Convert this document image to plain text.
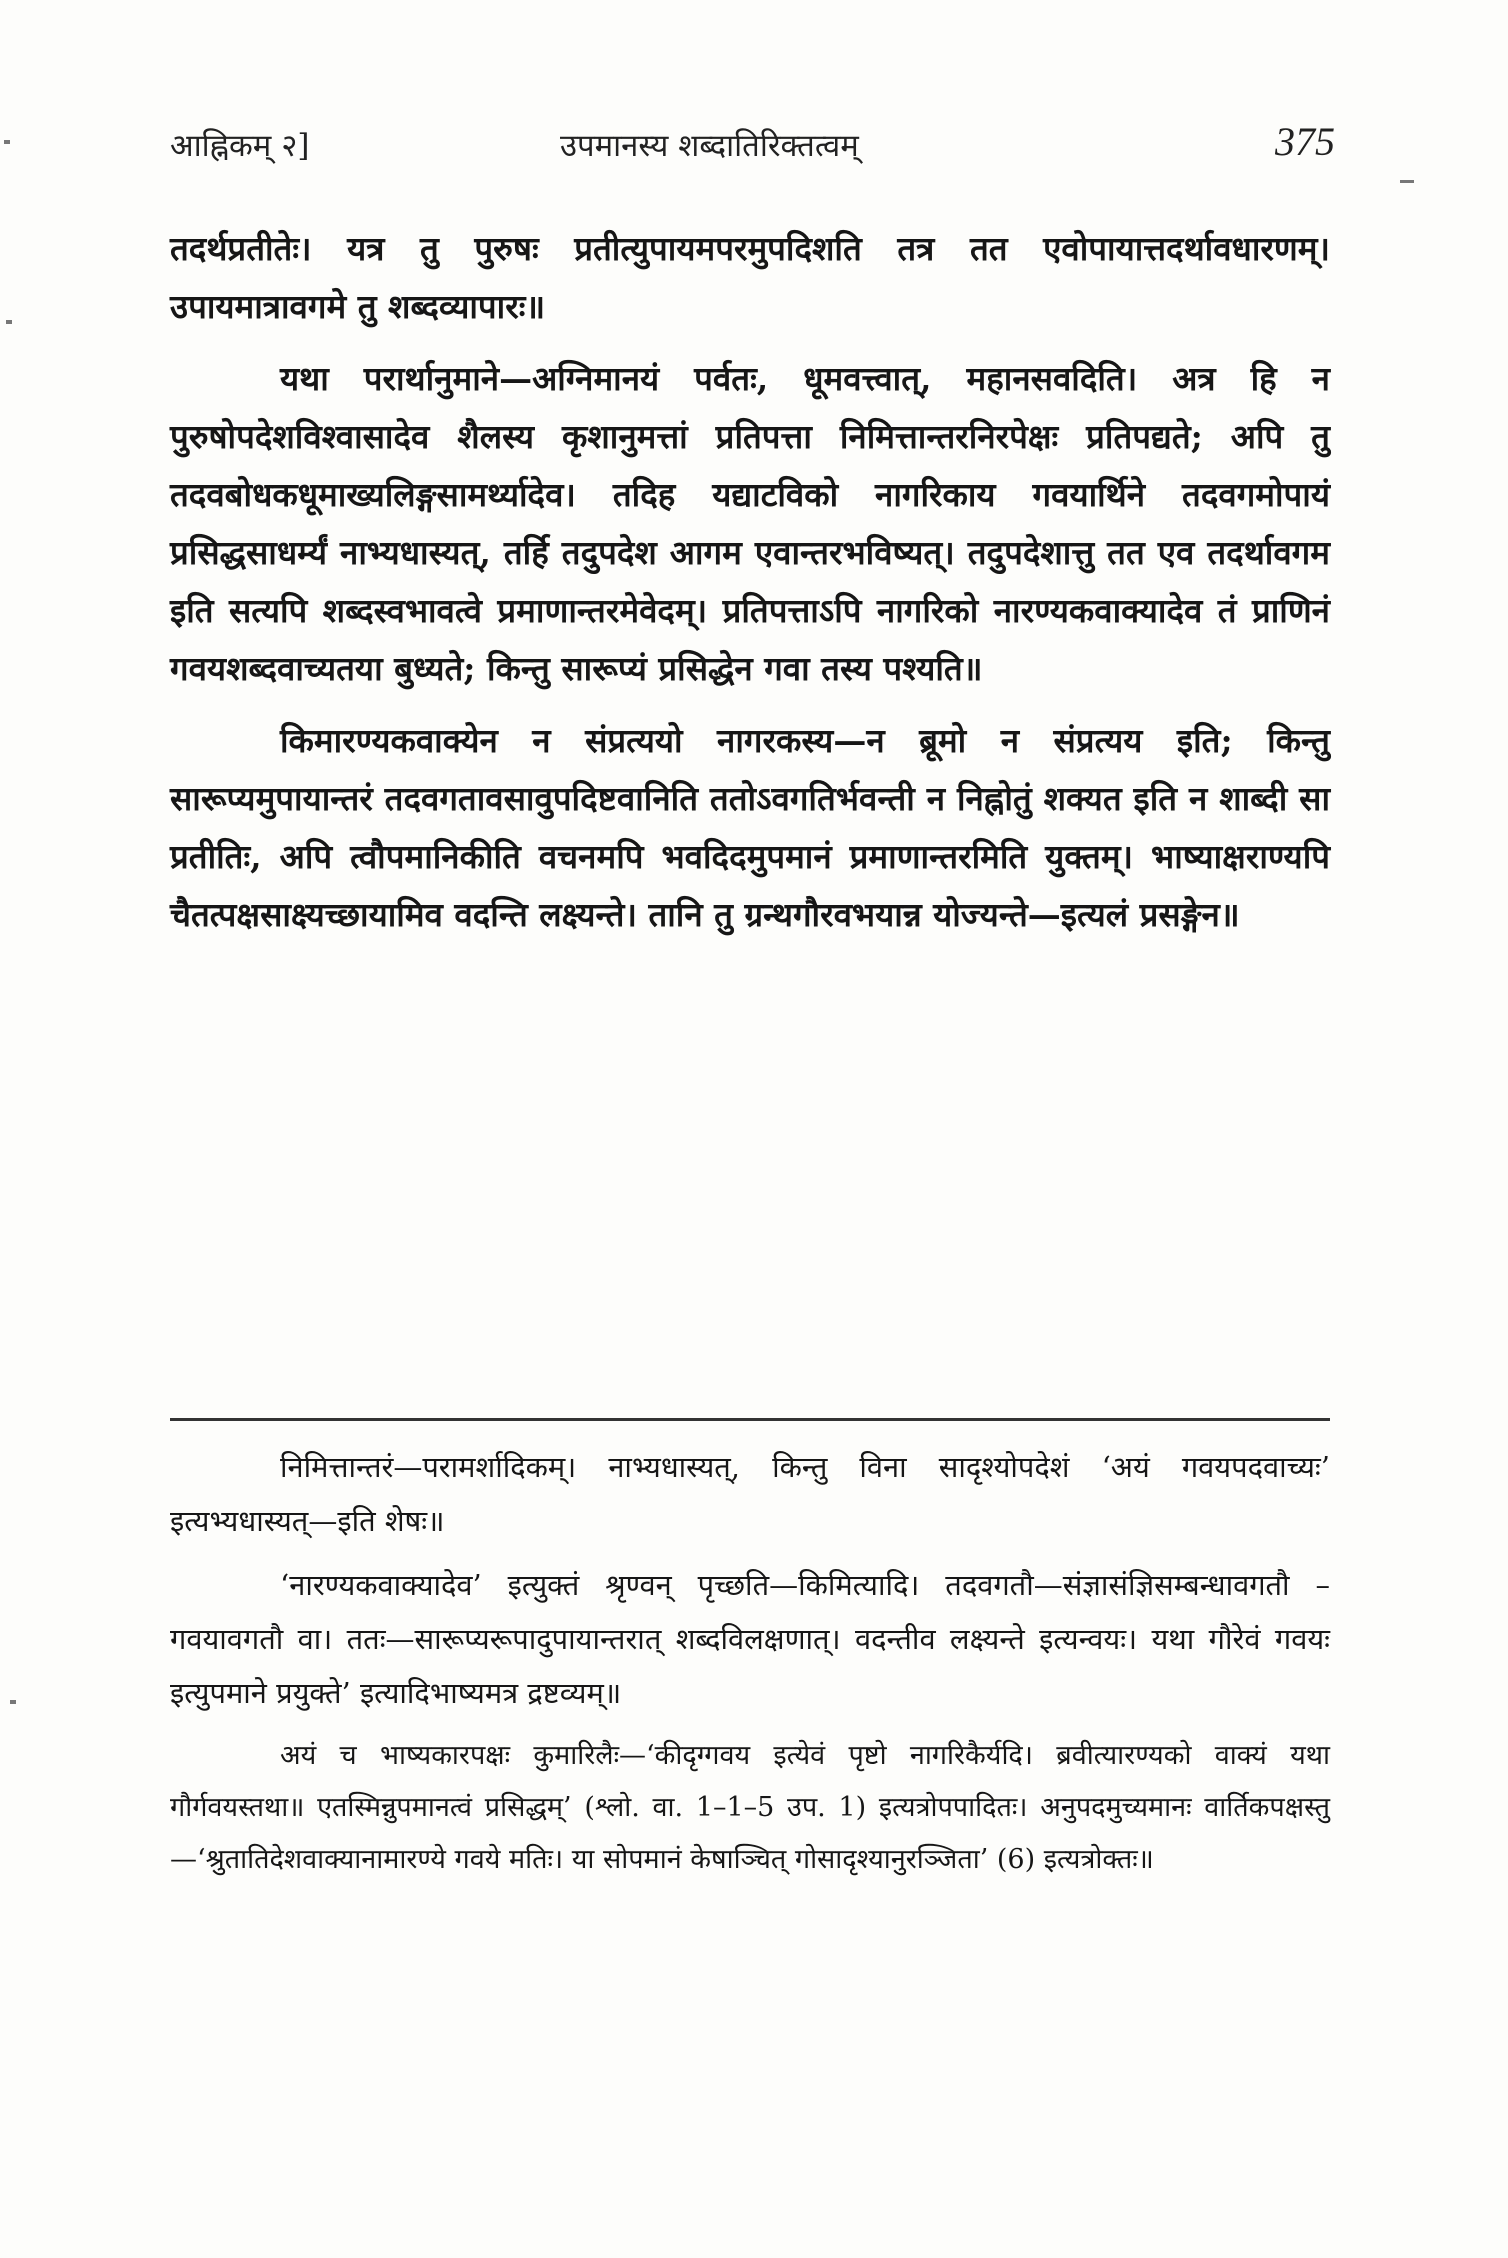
आह्निकम् २]	उपमानस्य शब्दातिरिक्तत्वम्	375

तदर्थप्रतीतेः। यत्र तु पुरुषः प्रतीत्युपायमपरमुपदिशति तत्र तत एवोपायात्तदर्थावधारणम्। उपायमात्रावगमे तु शब्दव्यापारः॥

यथा परार्थानुमाने—अग्निमानयं पर्वतः, धूमवत्त्वात्, महानसवदिति। अत्र हि न पुरुषोपदेशविश्वासादेव शैलस्य कृशानुमत्तां प्रतिपत्ता निमित्तान्तरनिरपेक्षः प्रतिपद्यते; अपि तु तदवबोधकधूमाख्यलिङ्गसामर्थ्यादेव। तदिह यद्याटविको नागरिकाय गवयार्थिने तदवगमोपायं प्रसिद्धसाधर्म्यं नाभ्यधास्यत्, तर्हि तदुपदेश आगम एवान्तरभविष्यत्। तदुपदेशात्तु तत एव तदर्थावगम इति सत्यपि शब्दस्वभावत्वे प्रमाणान्तरमेवेदम्। प्रतिपत्ताऽपि नागरिको नारण्यकवाक्यादेव तं प्राणिनं गवयशब्दवाच्यतया बुध्यते; किन्तु सारूप्यं प्रसिद्धेन गवा तस्य पश्यति॥

किमारण्यकवाक्येन न संप्रत्ययो नागरकस्य—न ब्रूमो न संप्रत्यय इति; किन्तु सारूप्यमुपायान्तरं तदवगतावसावुपदिष्टवानिति ततोऽवगतिर्भवन्ती न निह्नोतुं शक्यत इति न शाब्दी सा प्रतीतिः, अपि त्वौपमानिकीति वचनमपि भवदिदमुपमानं प्रमाणान्तरमिति युक्तम्। भाष्याक्षराण्यपि चैतत्पक्षसाक्ष्यच्छायामिव वदन्ति लक्ष्यन्ते। तानि तु ग्रन्थगौरवभयान्न योज्यन्ते—इत्यलं प्रसङ्गेन॥

निमित्तान्तरं—परामर्शादिकम्। नाभ्यधास्यत्, किन्तु विना सादृश्योपदेशं ‘अयं गवयपदवाच्यः’ इत्यभ्यधास्यत्—इति शेषः॥

‘नारण्यकवाक्यादेव’ इत्युक्तं श्रृण्वन् पृच्छति—किमित्यादि। तदवगतौ—संज्ञासंज्ञिसम्बन्धावगतौ – गवयावगतौ वा। ततः—सारूप्यरूपादुपायान्तरात् शब्दविलक्षणात्। वदन्तीव लक्ष्यन्ते इत्यन्वयः। यथा गौरेवं गवयः इत्युपमाने प्रयुक्ते’ इत्यादिभाष्यमत्र द्रष्टव्यम्॥

अयं च भाष्यकारपक्षः कुमारिलैः—‘कीदृग्गवय इत्येवं पृष्टो नागरिकैर्यदि। ब्रवीत्यारण्यको वाक्यं यथा गौर्गवयस्तथा॥ एतस्मिन्नुपमानत्वं प्रसिद्धम्’ (श्लो. वा. 1–1–5 उप. 1) इत्यत्रोपपादितः। अनुपदमुच्यमानः वार्तिकपक्षस्तु—‘श्रुतातिदेशवाक्यानामारण्ये गवये मतिः। या सोपमानं केषाञ्चित् गोसादृश्यानुरञ्जिता’ (6) इत्यत्रोक्तः॥
